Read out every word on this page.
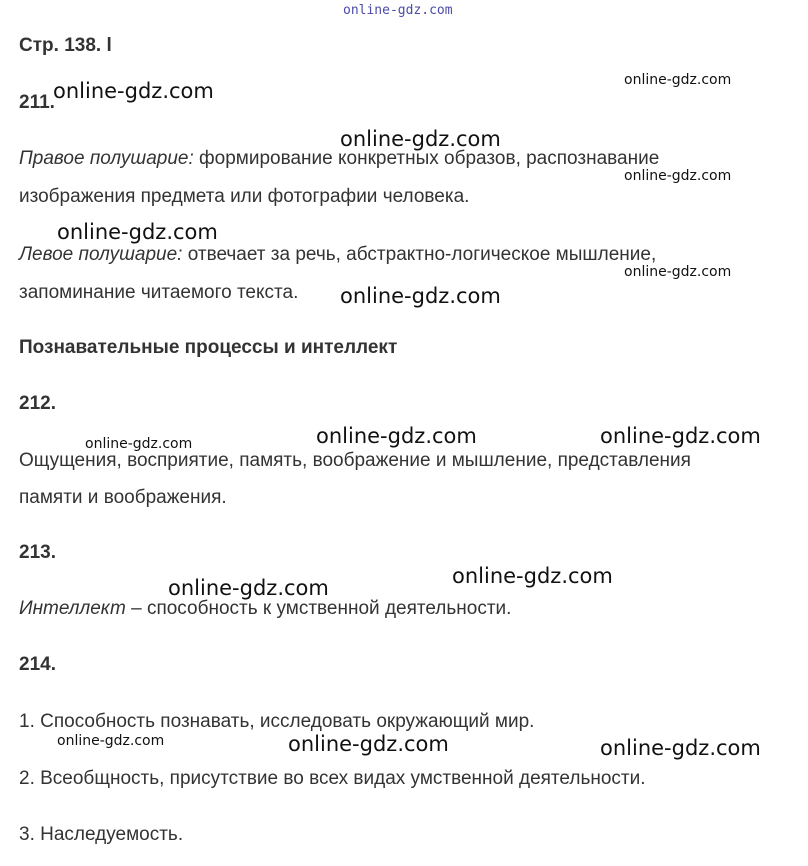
Стр. 138. l
211.
Правое полушарие: формирование конкретных образов, распознавание
изображения предмета или фотографии человека.
Левое полушарие: отвечает за речь, абстрактно-логическое мышление,
запоминание читаемого текста.
Познавательные процессы и интеллект
212.
Ощущения, восприятие, память, воображение и мышление, представления
памяти и воображения.
213.
Интеллект – способность к умственной деятельности.
214.
1. Способность познавать, исследовать окружающий мир.
2. Всеобщность, присутствие во всех видах умственной деятельности.
3. Наследуемость.
online-gdz.com
online-gdz.com	online-gdz.com
online-gdz.com
online-gdz.com
online-gdz.com
online-gdz.com
online-gdz.com
online-gdz.com	online-gdz.com	online-gdz.com
online-gdz.com	online-gdz.com
online-gdz.com	online-gdz.com	online-gdz.com
